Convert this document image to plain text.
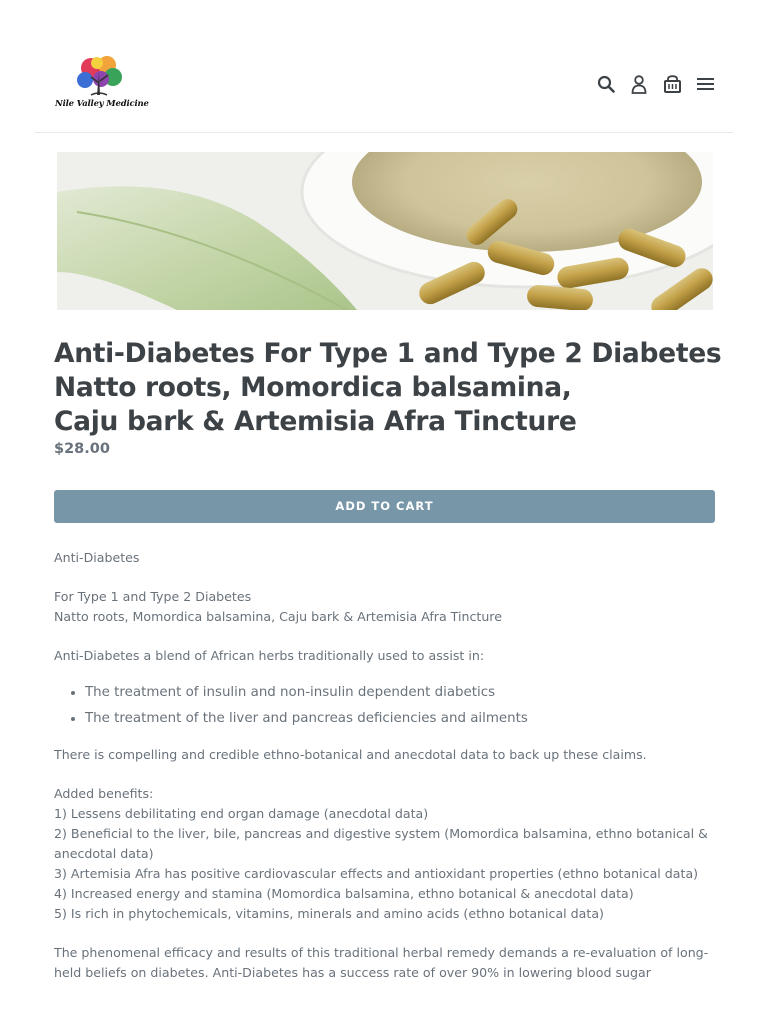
Nile Valley Medicine
Anti-Diabetes For Type 1 and Type 2 Diabetes
Natto roots, Momordica balsamina,
Caju bark & Artemisia Afra Tincture
$28.00
ADD TO CART

Anti-Diabetes

For Type 1 and Type 2 Diabetes
Natto roots, Momordica balsamina, Caju bark & Artemisia Afra Tincture

Anti-Diabetes a blend of African herbs traditionally used to assist in:

• The treatment of insulin and non-insulin dependent diabetics
• The treatment of the liver and pancreas deficiencies and ailments

There is compelling and credible ethno-botanical and anecdotal data to back up these claims.

Added benefits:
1) Lessens debilitating end organ damage (anecdotal data)
2) Beneficial to the liver, bile, pancreas and digestive system (Momordica balsamina, ethno botanical & anecdotal data)
3) Artemisia Afra has positive cardiovascular effects and antioxidant properties (ethno botanical data)
4) Increased energy and stamina (Momordica balsamina, ethno botanical & anecdotal data)
5) Is rich in phytochemicals, vitamins, minerals and amino acids (ethno botanical data)

The phenomenal efficacy and results of this traditional herbal remedy demands a re-evaluation of long-held beliefs on diabetes. Anti-Diabetes has a success rate of over 90% in lowering blood sugar
